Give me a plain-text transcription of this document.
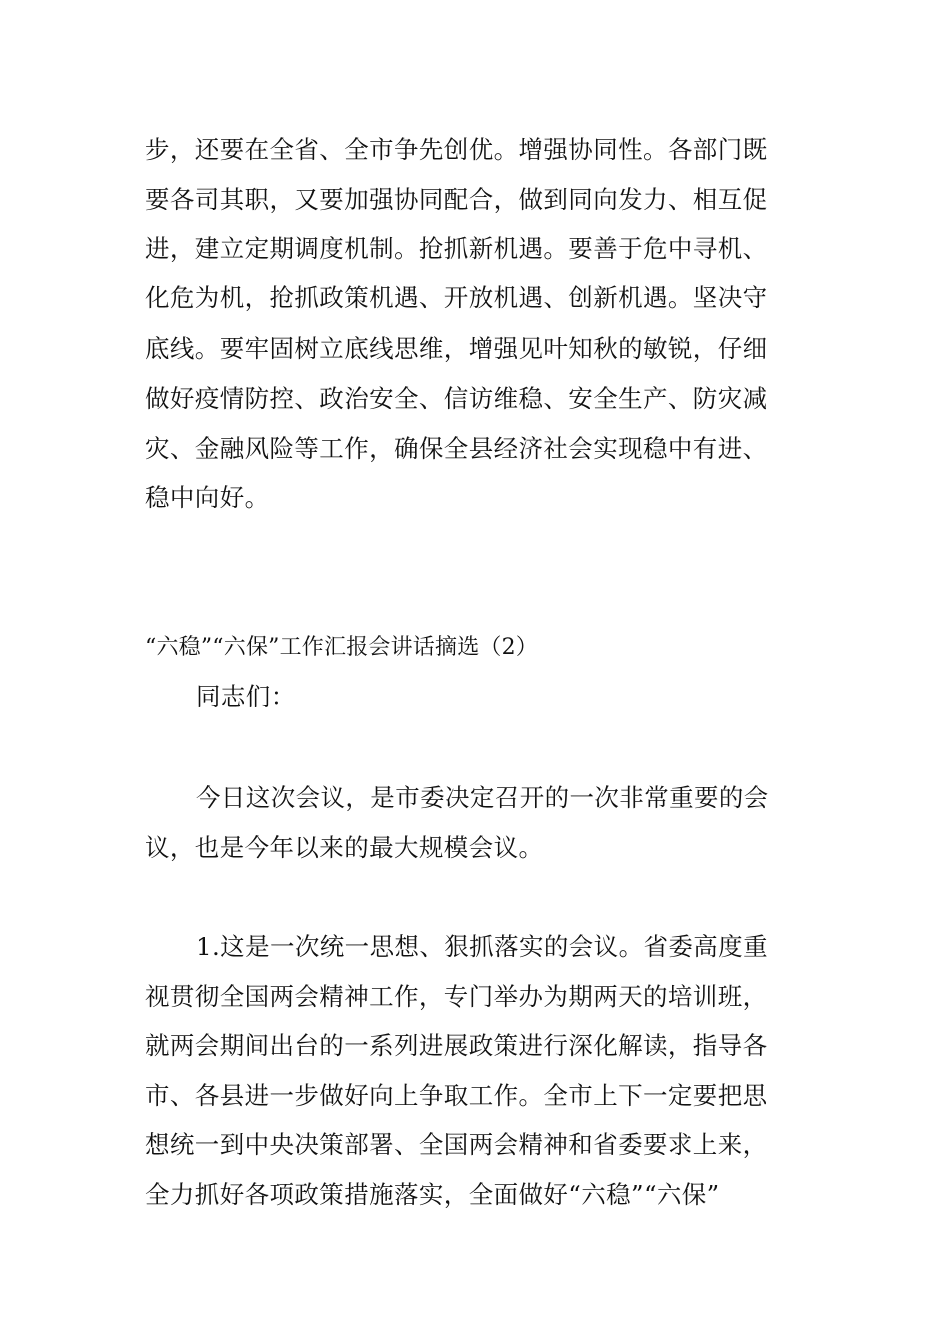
步，还要在全省、全市争先创优。增强协同性。各部门既
要各司其职，又要加强协同配合，做到同向发力、相互促
进，建立定期调度机制。抢抓新机遇。要善于危中寻机、
化危为机，抢抓政策机遇、开放机遇、创新机遇。坚决守
底线。要牢固树立底线思维，增强见叶知秋的敏锐，仔细
做好疫情防控、政治安全、信访维稳、安全生产、防灾减
灾、金融风险等工作，确保全县经济社会实现稳中有进、
稳中向好。
“六稳”“六保”工作汇报会讲话摘选（2）
同志们：
今日这次会议，是市委决定召开的一次非常重要的会
议，也是今年以来的最大规模会议。
1.这是一次统一思想、狠抓落实的会议。省委高度重
视贯彻全国两会精神工作，专门举办为期两天的培训班，
就两会期间出台的一系列进展政策进行深化解读，指导各
市、各县进一步做好向上争取工作。全市上下一定要把思
想统一到中央决策部署、全国两会精神和省委要求上来，
全力抓好各项政策措施落实，全面做好“六稳”“六保”
